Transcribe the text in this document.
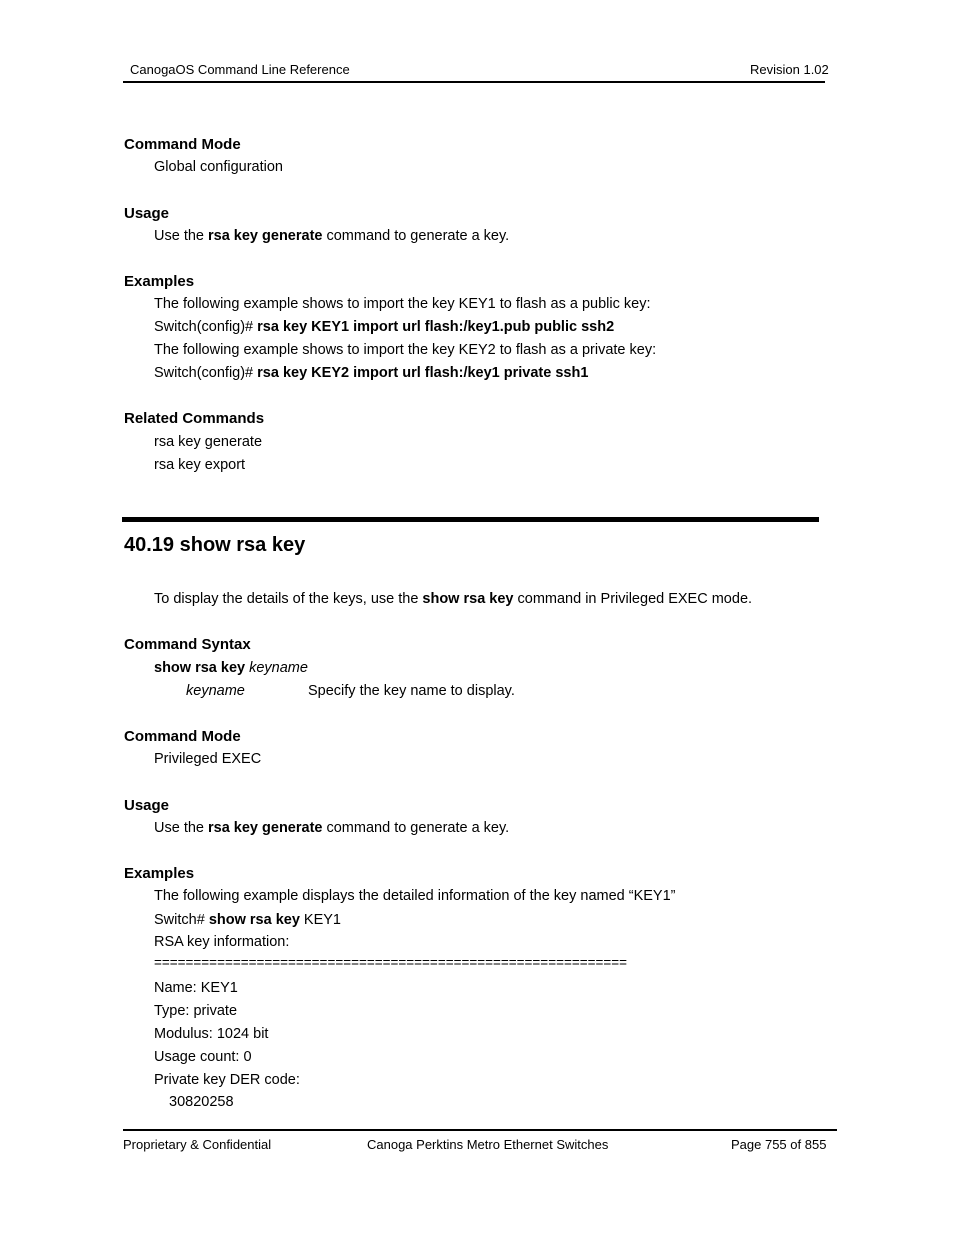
CanogaOS Command Line Reference	Revision 1.02
Command Mode
Global configuration
Usage
Use the rsa key generate command to generate a key.
Examples
The following example shows to import the key KEY1 to flash as a public key:
Switch(config)# rsa key KEY1 import url flash:/key1.pub public ssh2
The following example shows to import the key KEY2 to flash as a private key:
Switch(config)# rsa key KEY2 import url flash:/key1 private ssh1
Related Commands
rsa key generate
rsa key export
40.19 show rsa key
To display the details of the keys, use the show rsa key command in Privileged EXEC mode.
Command Syntax
show rsa key keyname
keyname	Specify the key name to display.
Command Mode
Privileged EXEC
Usage
Use the rsa key generate command to generate a key.
Examples
The following example displays the detailed information of the key named “KEY1”
Switch# show rsa key KEY1
RSA key information:
============================================================
Name: KEY1
Type: private
Modulus: 1024 bit
Usage count: 0
Private key DER code:
30820258
Proprietary & Confidential	Canoga Perktins Metro Ethernet Switches	Page 755 of 855
